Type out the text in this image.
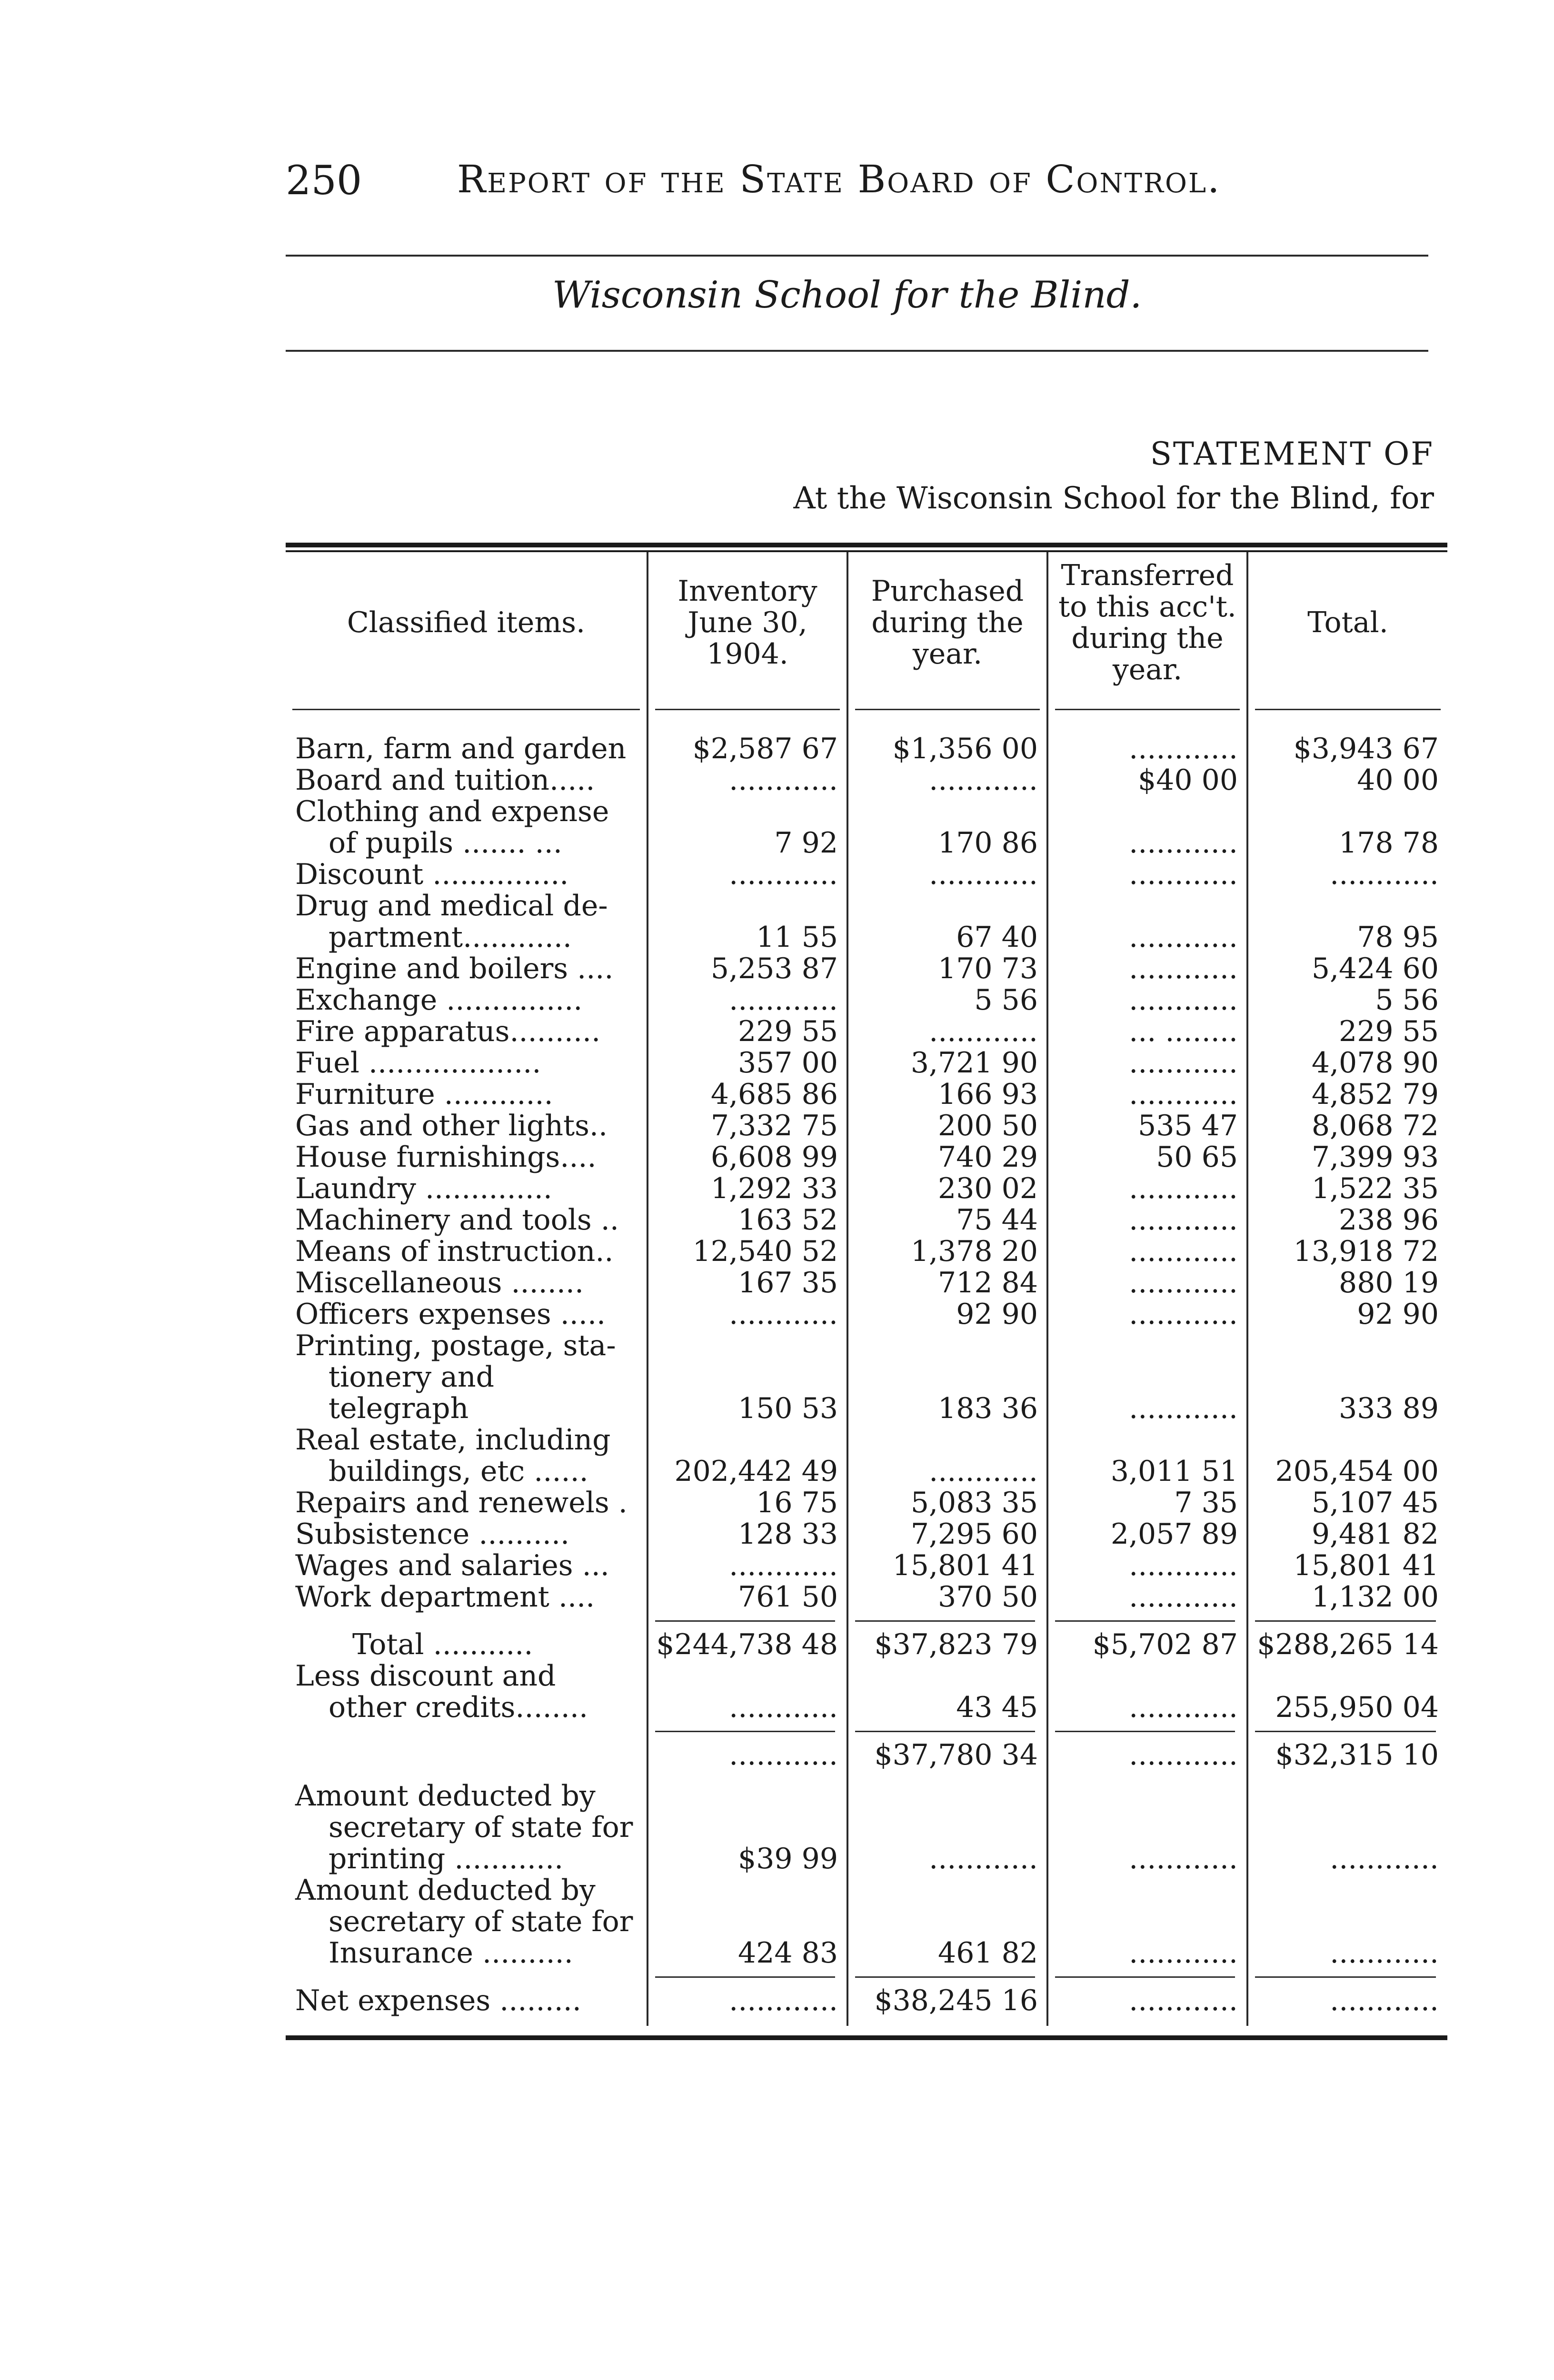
250 Report of the State Board of Control.
Wisconsin School for the Blind.
STATEMENT OF
At the Wisconsin School for the Blind, for
Classified items.	Inventory June 30, 1904.	Purchased during the year.	Transferred to this acc't. during the year.	Total.

Barn, farm and garden	$2,587 67	$1,356 00	............	$3,943 67

Board and tuition.....	............	............	$40 00	40 00

Clothing and expense
of pupils ....... ...	7 92	170 86	............	178 78

Discount ...............	............	............	............	............

Drug and medical de-
partment............	11 55	67 40	............	78 95

Engine and boilers ....	5,253 87	170 73	............	5,424 60

Exchange ...............	............	5 56	............	5 56

Fire apparatus..........	229 55	............	... ........	229 55

Fuel ...................	357 00	3,721 90	............	4,078 90

Furniture ............	4,685 86	166 93	............	4,852 79

Gas and other lights..	7,332 75	200 50	535 47	8,068 72

House furnishings....	6,608 99	740 29	50 65	7,399 93

Laundry ..............	1,292 33	230 02	............	1,522 35

Machinery and tools ..	163 52	75 44	............	238 96

Means of instruction..	12,540 52	1,378 20	............	13,918 72

Miscellaneous ........	167 35	712 84	............	880 19

Officers expenses .....	............	92 90	............	92 90

Printing, postage, sta-
tionery and telegraph	150 53	183 36	............	333 89

Real estate, including
buildings, etc ......	202,442 49	............	3,011 51	205,454 00

Repairs and renewels .	16 75	5,083 35	7 35	5,107 45

Subsistence ..........	128 33	7,295 60	2,057 89	9,481 82

Wages and salaries ...	............	15,801 41	............	15,801 41

Work department ....	761 50	370 50	............	1,132 00

Total ...........	$244,738 48	$37,823 79	$5,702 87	$288,265 14

Less discount and
other credits........	............	43 45	............	255,950 04

	............	$37,780 34	............	$32,315 10

Amount deducted by
secretary of state for
printing ............	$39 99	............	............	............

Amount deducted by
secretary of state for
Insurance ..........	424 83	461 82	............	............

Net expenses .........	............	$38,245 16	............	............
